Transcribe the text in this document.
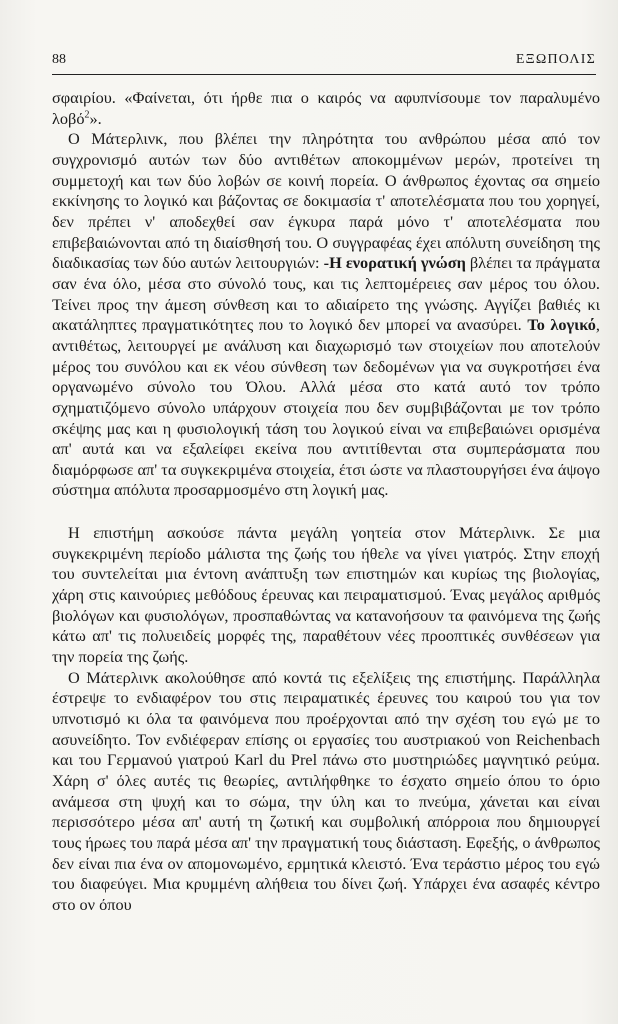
88	ΕΞΩΠΟΛΙΣ

σφαιρίου. «Φαίνεται, ότι ήρθε πια ο καιρός να αφυπνίσουμε τον παραλυμένο λοβό$^2$».

Ο Μάτερλινκ, που βλέπει την πληρότητα του ανθρώπου μέσα από τον συγχρονισμό αυτών των δύο αντιθέτων αποκομμένων μερών, προτείνει τη συμμετοχή και των δύο λοβών σε κοινή πορεία. Ο άνθρωπος έχοντας σα σημείο εκκίνησης το λογικό και βάζοντας σε δοκιμασία τ' αποτελέσματα που του χορηγεί, δεν πρέπει ν' αποδεχθεί σαν έγκυρα παρά μόνο τ' αποτελέσματα που επιβεβαιώνονται από τη διαίσθησή του. Ο συγγραφέας έχει απόλυτη συνείδηση της διαδικασίας των δύο αυτών λειτουργιών: -Η ενορατική γνώση βλέπει τα πράγματα σαν ένα όλο, μέσα στο σύνολό τους, και τις λεπτομέρειες σαν μέρος του όλου. Τείνει προς την άμεση σύνθεση και το αδιαίρετο της γνώσης. Αγγίζει βαθιές κι ακατάληπτες πραγματικότητες που το λογικό δεν μπορεί να ανασύρει. Το λογικό, αντιθέτως, λειτουργεί με ανάλυση και διαχωρισμό των στοιχείων που αποτελούν μέρος του συνόλου και εκ νέου σύνθεση των δεδομένων για να συγκροτήσει ένα οργανωμένο σύνολο του Όλου. Αλλά μέσα στο κατά αυτό τον τρόπο σχηματιζόμενο σύνολο υπάρχουν στοιχεία που δεν συμβιβάζονται με τον τρόπο σκέψης μας και η φυσιολογική τάση του λογικού είναι να επιβεβαιώνει ορισμένα απ' αυτά και να εξαλείφει εκείνα που αντιτίθενται στα συμπεράσματα που διαμόρφωσε απ' τα συγκεκριμένα στοιχεία, έτσι ώστε να πλαστουργήσει ένα άψογο σύστημα απόλυτα προσαρμοσμένο στη λογική μας.

Η επιστήμη ασκούσε πάντα μεγάλη γοητεία στον Μάτερλινκ. Σε μια συγκεκριμένη περίοδο μάλιστα της ζωής του ήθελε να γίνει γιατρός. Στην εποχή του συντελείται μια έντονη ανάπτυξη των επιστημών και κυρίως της βιολογίας, χάρη στις καινούριες μεθόδους έρευνας και πειραματισμού. Ένας μεγάλος αριθμός βιολόγων και φυσιολόγων, προσπαθώντας να κατανοήσουν τα φαινόμενα της ζωής κάτω απ' τις πολυειδείς μορφές της, παραθέτουν νέες προοπτικές συνθέσεων για την πορεία της ζωής.

Ο Μάτερλινκ ακολούθησε από κοντά τις εξελίξεις της επιστήμης. Παράλληλα έστρεψε το ενδιαφέρον του στις πειραματικές έρευνες του καιρού του για τον υπνοτισμό κι όλα τα φαινόμενα που προέρχονται από την σχέση του εγώ με το ασυνείδητο. Τον ενδιέφεραν επίσης οι εργασίες του αυστριακού von Reichenbach και του Γερμανού γιατρού Karl du Prel πάνω στο μυστηριώδες μαγνητικό ρεύμα. Χάρη σ' όλες αυτές τις θεωρίες, αντιλήφθηκε το έσχατο σημείο όπου το όριο ανάμεσα στη ψυχή και το σώμα, την ύλη και το πνεύμα, χάνεται και είναι περισσότερο μέσα απ' αυτή τη ζωτική και συμβολική απόρροια που δημιουργεί τους ήρωες του παρά μέσα απ' την πραγματική τους διάσταση. Εφεξής, ο άνθρωπος δεν είναι πια ένα ον απομονωμένο, ερμητικά κλειστό. Ένα τεράστιο μέρος του εγώ του διαφεύγει. Μια κρυμμένη αλήθεια του δίνει ζωή. Υπάρχει ένα ασαφές κέντρο στο ον όπου
